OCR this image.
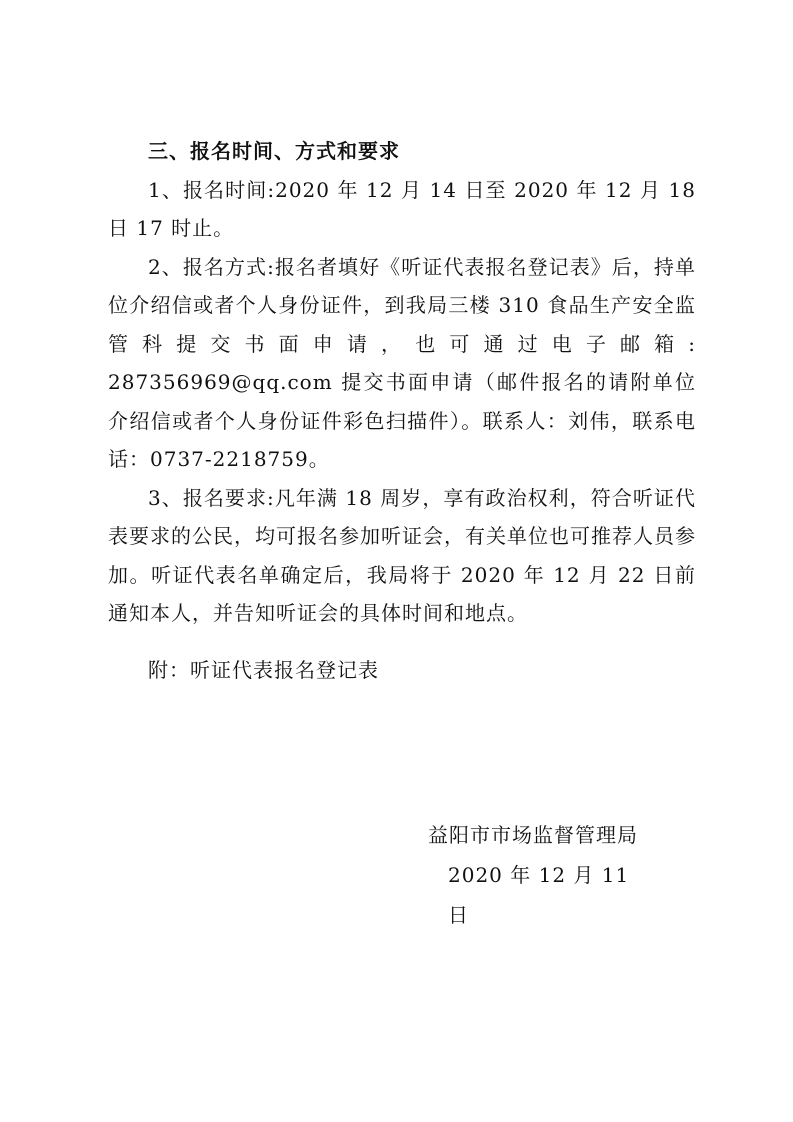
三、报名时间、方式和要求

1、报名时间:2020 年 12 月 14 日至 2020 年 12 月 18 日 17 时止。

2、报名方式:报名者填好《听证代表报名登记表》后，持单位介绍信或者个人身份证件，到我局三楼 310 食品生产安全监管科提交书面申请，也可通过电子邮箱: 287356969@qq.com 提交书面申请（邮件报名的请附单位介绍信或者个人身份证件彩色扫描件）。联系人：刘伟，联系电话：0737-2218759。

3、报名要求:凡年满 18 周岁，享有政治权利，符合听证代表要求的公民，均可报名参加听证会，有关单位也可推荐人员参加。听证代表名单确定后，我局将于 2020 年 12 月 22 日前通知本人，并告知听证会的具体时间和地点。

附：听证代表报名登记表

益阳市市场监督管理局

2020 年 12 月 11 日
